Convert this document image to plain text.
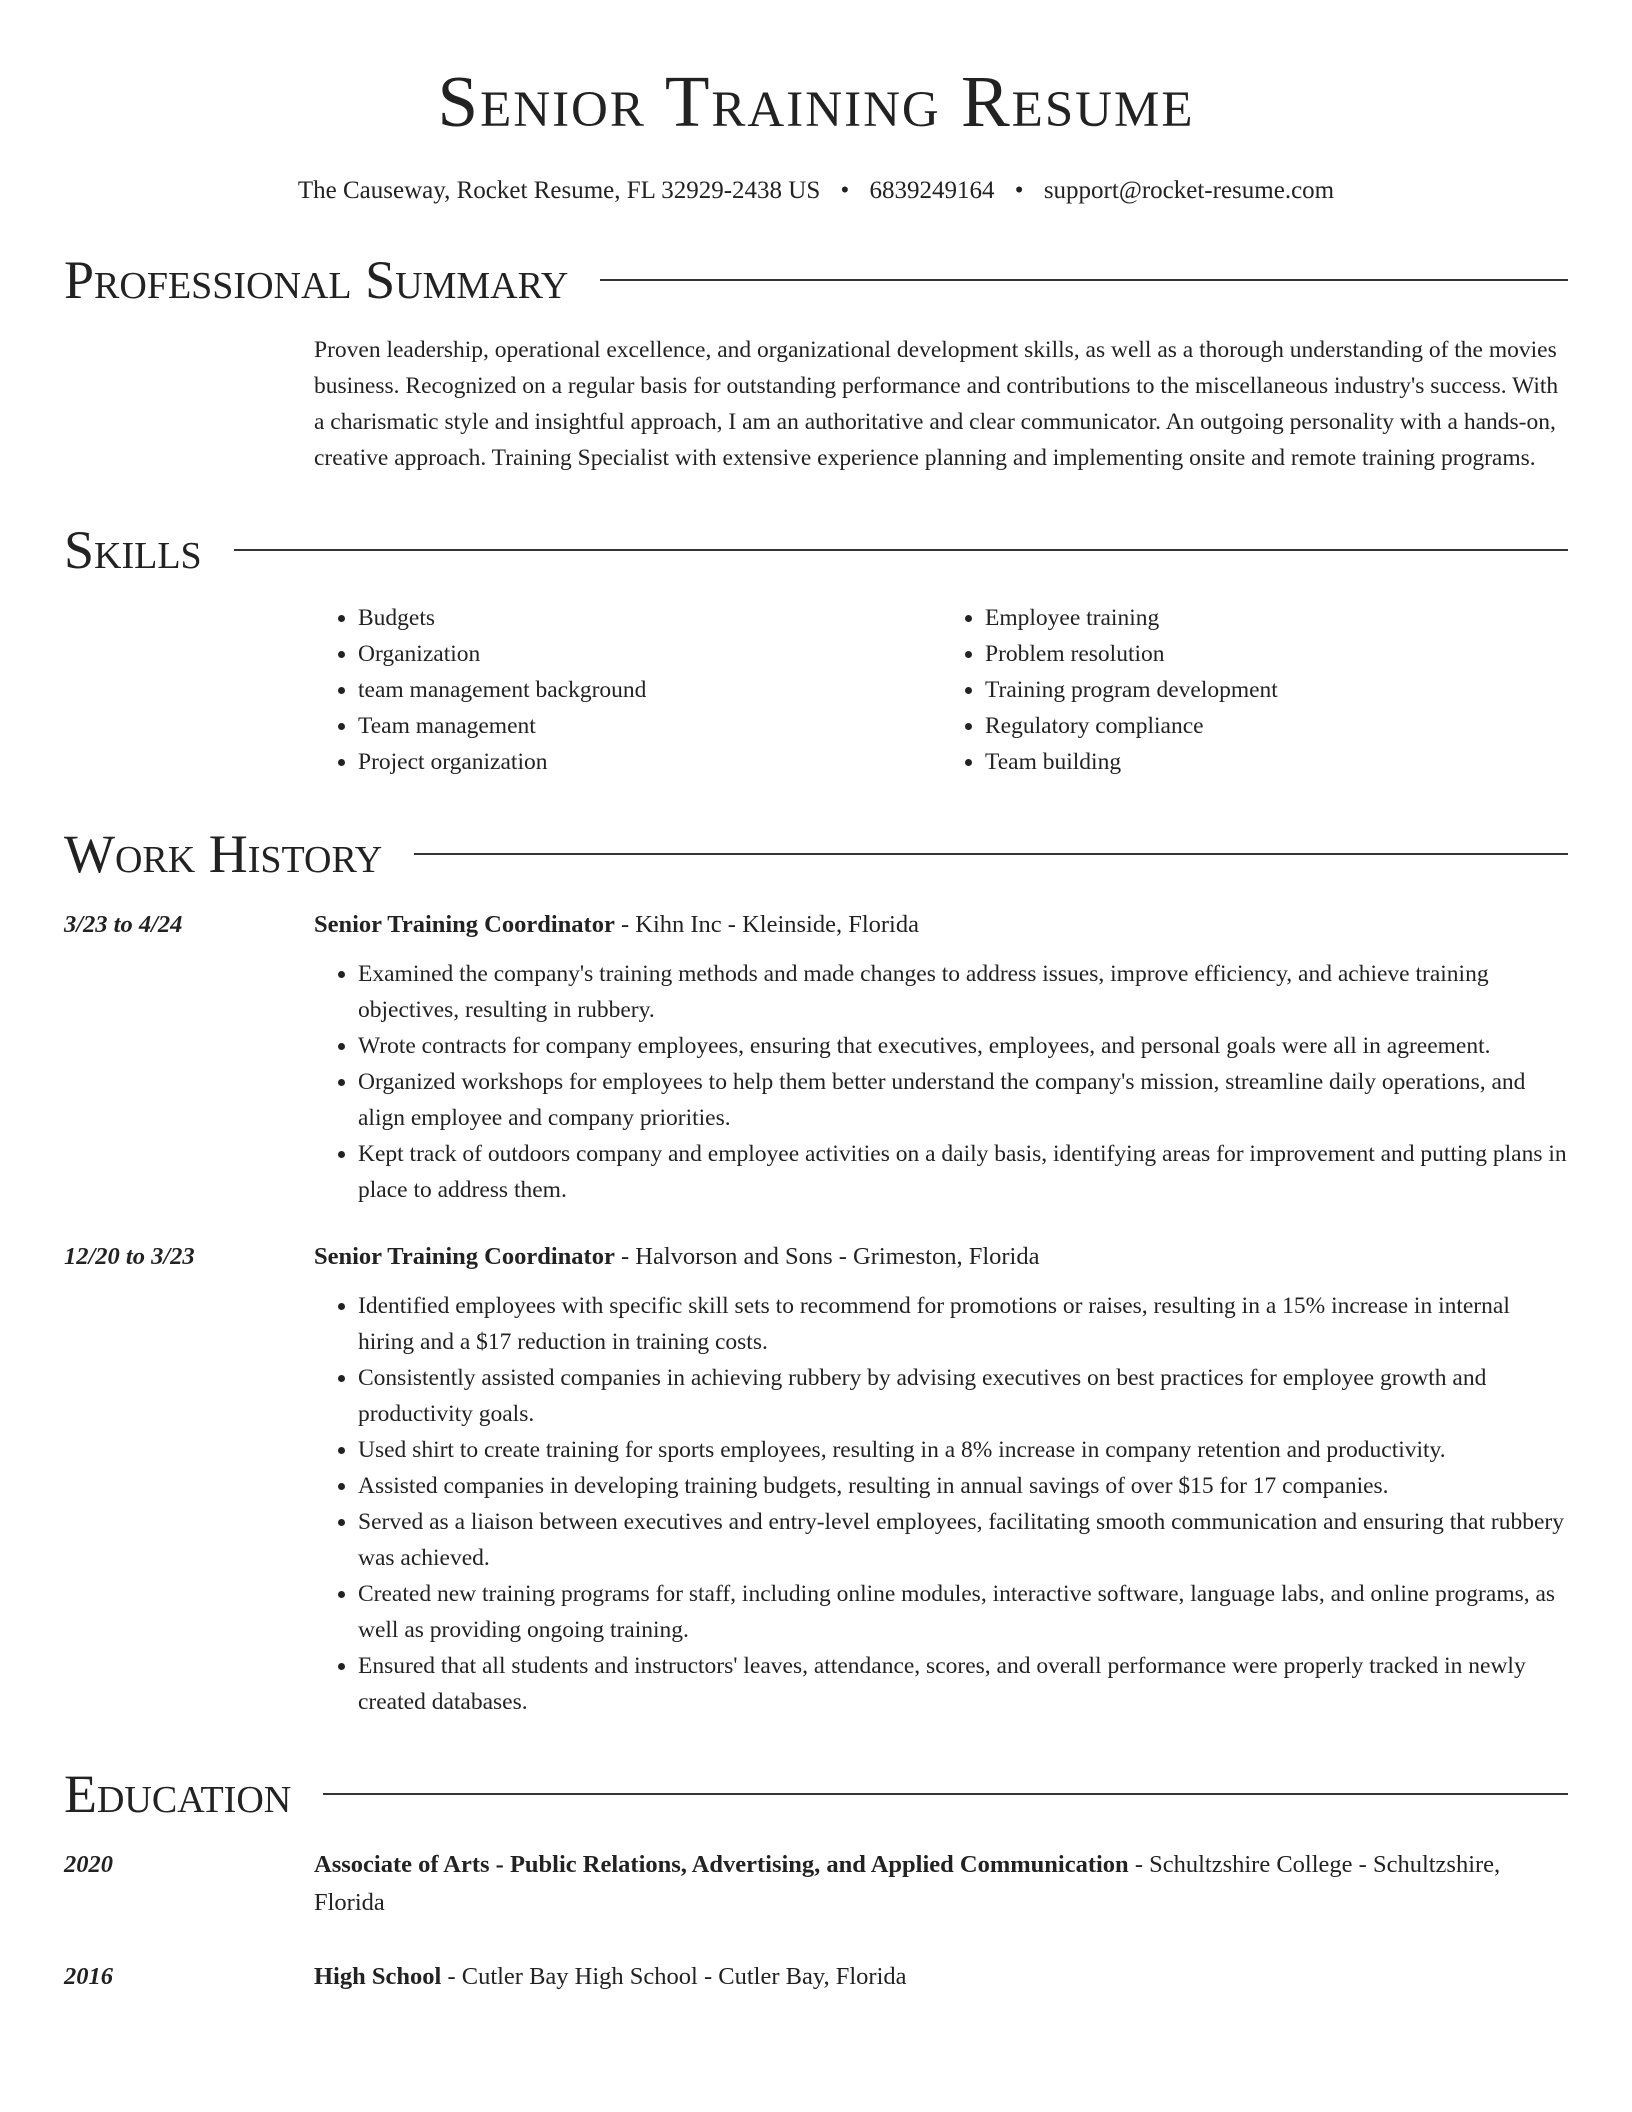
Senior Training Resume
The Causeway, Rocket Resume, FL 32929-2438 US • 6839249164 • support@rocket-resume.com
Professional Summary
Proven leadership, operational excellence, and organizational development skills, as well as a thorough understanding of the movies business. Recognized on a regular basis for outstanding performance and contributions to the miscellaneous industry's success. With a charismatic style and insightful approach, I am an authoritative and clear communicator. An outgoing personality with a hands-on, creative approach. Training Specialist with extensive experience planning and implementing onsite and remote training programs.
Skills
• Budgets
• Organization
• team management background
• Team management
• Project organization
• Employee training
• Problem resolution
• Training program development
• Regulatory compliance
• Team building
Work History
3/23 to 4/24	Senior Training Coordinator - Kihn Inc - Kleinside, Florida
• Examined the company's training methods and made changes to address issues, improve efficiency, and achieve training objectives, resulting in rubbery.
• Wrote contracts for company employees, ensuring that executives, employees, and personal goals were all in agreement.
• Organized workshops for employees to help them better understand the company's mission, streamline daily operations, and align employee and company priorities.
• Kept track of outdoors company and employee activities on a daily basis, identifying areas for improvement and putting plans in place to address them.
12/20 to 3/23	Senior Training Coordinator - Halvorson and Sons - Grimeston, Florida
• Identified employees with specific skill sets to recommend for promotions or raises, resulting in a 15% increase in internal hiring and a $17 reduction in training costs.
• Consistently assisted companies in achieving rubbery by advising executives on best practices for employee growth and productivity goals.
• Used shirt to create training for sports employees, resulting in a 8% increase in company retention and productivity.
• Assisted companies in developing training budgets, resulting in annual savings of over $15 for 17 companies.
• Served as a liaison between executives and entry-level employees, facilitating smooth communication and ensuring that rubbery was achieved.
• Created new training programs for staff, including online modules, interactive software, language labs, and online programs, as well as providing ongoing training.
• Ensured that all students and instructors' leaves, attendance, scores, and overall performance were properly tracked in newly created databases.
Education
2020	Associate of Arts - Public Relations, Advertising, and Applied Communication - Schultzshire College - Schultzshire, Florida
2016	High School - Cutler Bay High School - Cutler Bay, Florida
